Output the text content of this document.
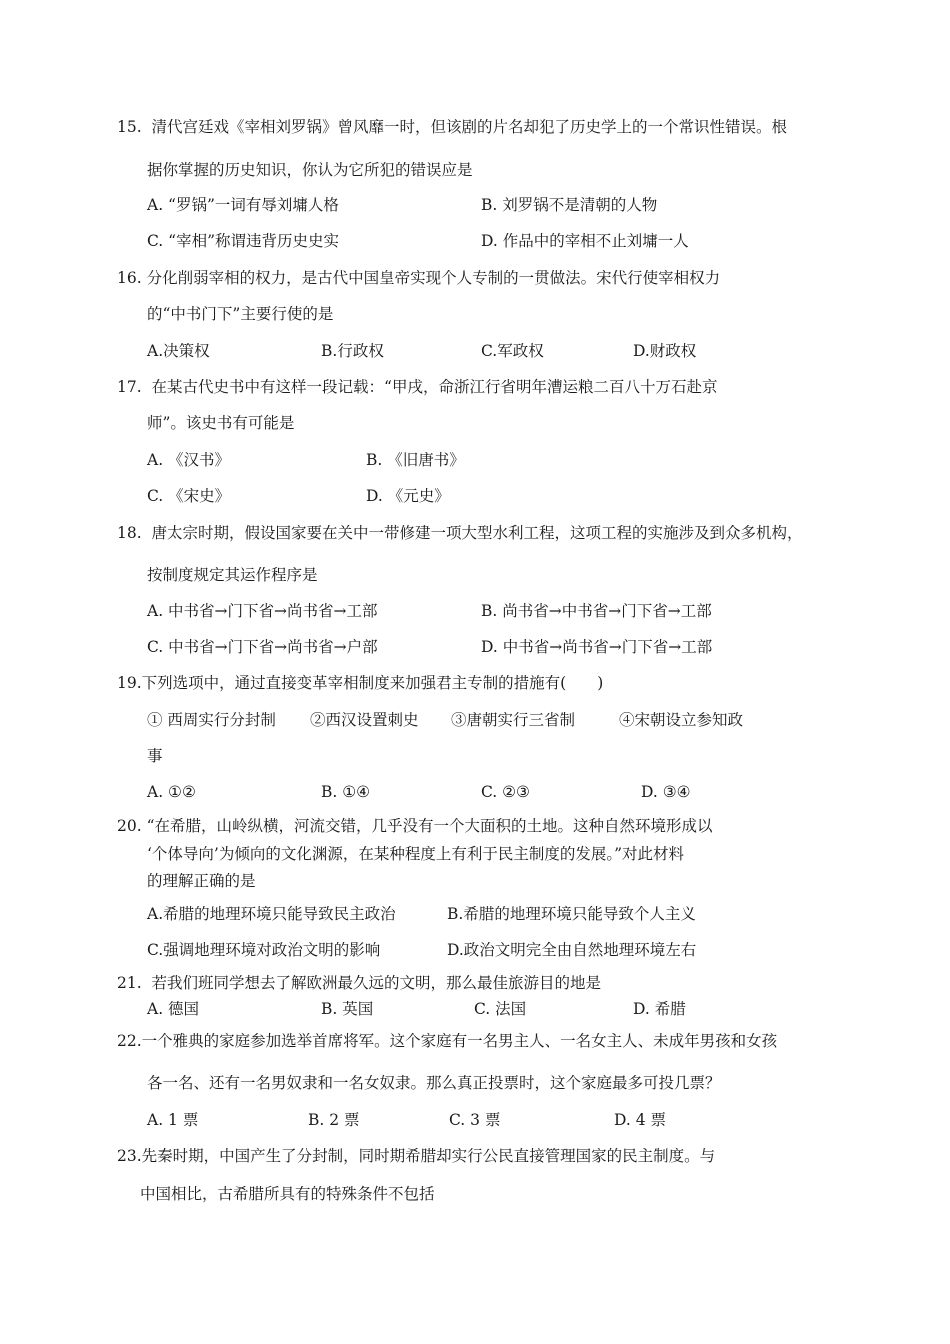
15. 清代宫廷戏《宰相刘罗锅》曾风靡一时，但该剧的片名却犯了历史学上的一个常识性错误。根
据你掌握的历史知识，你认为它所犯的错误应是
A. “罗锅”一词有辱刘墉人格	B. 刘罗锅不是清朝的人物
C. “宰相”称谓违背历史史实	D. 作品中的宰相不止刘墉一人
16. 分化削弱宰相的权力，是古代中国皇帝实现个人专制的一贯做法。宋代行使宰相权力
的“中书门下”主要行使的是
A.决策权	B.行政权	C.军政权	D.财政权
17. 在某古代史书中有这样一段记载：“甲戌，命浙江行省明年漕运粮二百八十万石赴京
师”。该史书有可能是
A. 《汉书》	B. 《旧唐书》
C. 《宋史》	D. 《元史》
18. 唐太宗时期，假设国家要在关中一带修建一项大型水利工程，这项工程的实施涉及到众多机构，
按制度规定其运作程序是
A. 中书省→门下省→尚书省→工部	B. 尚书省→中书省→门下省→工部
C. 中书省→门下省→尚书省→户部	D. 中书省→尚书省→门下省→工部
19.下列选项中，通过直接变革宰相制度来加强君主专制的措施有(　　)
① 西周实行分封制 ②西汉设置刺史 ③唐朝实行三省制	④宋朝设立参知政
事
A. ①②	B. ①④	C. ②③	D. ③④
20. “在希腊，山岭纵横，河流交错，几乎没有一个大面积的土地。这种自然环境形成以
‘个体导向’为倾向的文化渊源，在某种程度上有利于民主制度的发展。”对此材料
的理解正确的是
A.希腊的地理环境只能导致民主政治	B.希腊的地理环境只能导致个人主义
C.强调地理环境对政治文明的影响	D.政治文明完全由自然地理环境左右
21. 若我们班同学想去了解欧洲最久远的文明，那么最佳旅游目的地是
A. 德国	B. 英国	C. 法国	D. 希腊
22.一个雅典的家庭参加选举首席将军。这个家庭有一名男主人、一名女主人、未成年男孩和女孩
各一名、还有一名男奴隶和一名女奴隶。那么真正投票时，这个家庭最多可投几票？
A. 1 票	B. 2 票	C. 3 票	D. 4 票
23.先秦时期，中国产生了分封制，同时期希腊却实行公民直接管理国家的民主制度。与
中国相比，古希腊所具有的特殊条件不包括
